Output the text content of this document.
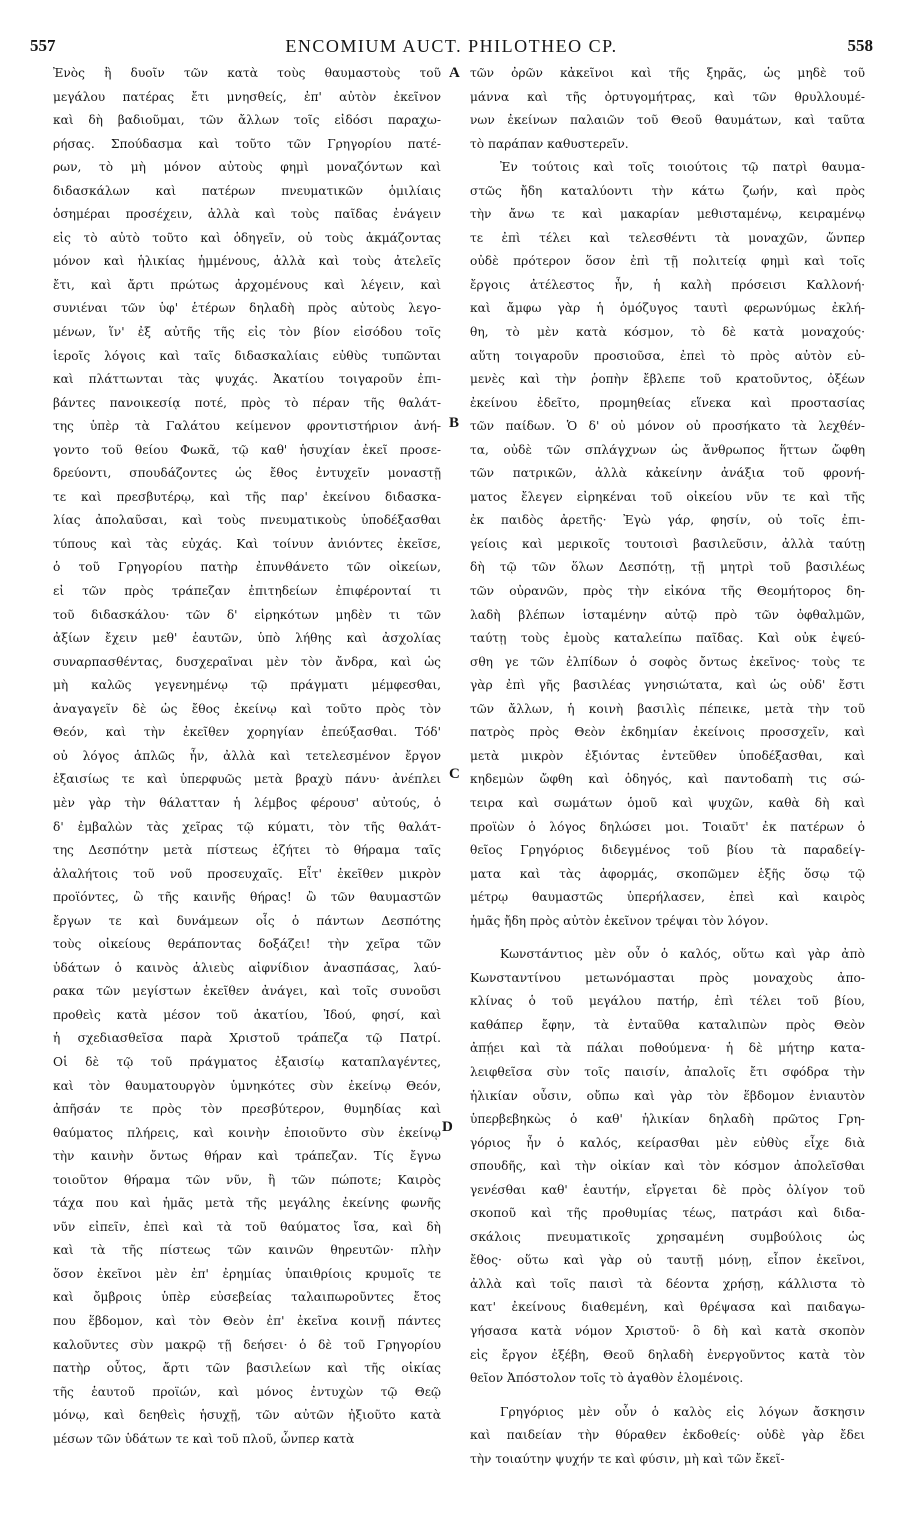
557	ENCOMIUM AUCT. PHILOTHEO CP.	558
A
B
C
D
Ἐνὸς ἢ δυοῖν τῶν κατὰ τοὺς θαυμαστοὺς τοῦ
μεγάλου πατέρας ἔτι μνησθείς, ἐπ' αὐτὸν ἐκεῖνον
καὶ δὴ βαδιοῦμαι, τῶν ἄλλων τοῖς εἰδόσι παραχω-
ρήσας. Σπούδασμα καὶ τοῦτο τῶν Γρηγορίου πατέ-
ρων, τὸ μὴ μόνον αὐτοὺς φημὶ μοναζόντων καὶ
διδασκάλων καὶ πατέρων πνευματικῶν ὁμιλίαις
ὁσημέραι προσέχειν, ἀλλὰ καὶ τοὺς παῖδας ἐνάγειν
εἰς τὸ αὐτὸ τοῦτο καὶ ὁδηγεῖν, οὐ τοὺς ἀκμάζοντας
μόνον καὶ ἡλικίας ἡμμένους, ἀλλὰ καὶ τοὺς ἀτελεῖς
ἔτι, καὶ ἄρτι πρώτως ἀρχομένους καὶ λέγειν, καὶ
συνιέναι τῶν ὑφ' ἑτέρων δηλαδὴ πρὸς αὐτοὺς λεγο-
μένων, ἵν' ἐξ αὐτῆς τῆς εἰς τὸν βίον εἰσόδου τοῖς
ἱεροῖς λόγοις καὶ ταῖς διδασκαλίαις εὐθὺς τυπῶνται
καὶ πλάττωνται τὰς ψυχάς. Ἀκατίου τοιγαροῦν ἐπι-
βάντες πανοικεσίᾳ ποτέ, πρὸς τὸ πέραν τῆς θαλάτ-
της ὑπὲρ τὰ Γαλάτου κείμενον φροντιστήριον ἀνή-
γοντο τοῦ θείου Φωκᾶ, τῷ καθ' ἡσυχίαν ἐκεῖ προσε-
δρεύοντι, σπουδάζοντες ὡς ἔθος ἐντυχεῖν μοναστῇ
τε καὶ πρεσβυτέρῳ, καὶ τῆς παρ' ἐκείνου διδασκα-
λίας ἀπολαῦσαι, καὶ τοὺς πνευματικοὺς ὑποδέξασθαι
τύπους καὶ τὰς εὐχάς. Καὶ τοίνυν ἀνιόντες ἐκεῖσε,
ὁ τοῦ Γρηγορίου πατὴρ ἐπυνθάνετο τῶν οἰκείων,
εἰ τῶν πρὸς τράπεζαν ἐπιτηδείων ἐπιφέρονταί τι
τοῦ διδασκάλου· τῶν δ' εἰρηκότων μηδὲν τι τῶν
ἀξίων ἔχειν μεθ' ἑαυτῶν, ὑπὸ λήθης καὶ ἀσχολίας
συναρπασθέντας, δυσχεραῖναι μὲν τὸν ἄνδρα, καὶ ὡς
μὴ καλῶς γεγενημένῳ τῷ πράγματι μέμφεσθαι,
ἀναγαγεῖν δὲ ὡς ἔθος ἐκείνῳ καὶ τοῦτο πρὸς τὸν
Θεόν, καὶ τὴν ἐκεῖθεν χορηγίαν ἐπεύξασθαι. Τόδ'
οὐ λόγος ἁπλῶς ἦν, ἀλλὰ καὶ τετελεσμένον ἔργον
ἐξαισίως τε καὶ ὑπερφυῶς μετὰ βραχὺ πάνυ· ἀνέπλει
μὲν γὰρ τὴν θάλατταν ἡ λέμβος φέρουσ' αὐτούς, ὁ
δ' ἐμβαλὼν τὰς χεῖρας τῷ κύματι, τὸν τῆς θαλάτ-
της Δεσπότην μετὰ πίστεως ἐζήτει τὸ θήραμα ταῖς
ἀλαλήτοις τοῦ νοῦ προσευχαῖς. Εἶτ' ἐκεῖθεν μικρὸν
προϊόντες, ὢ τῆς καινῆς θήρας! ὢ τῶν θαυμαστῶν
ἔργων τε καὶ δυνάμεων οἷς ὁ πάντων Δεσπότης
τοὺς οἰκείους θεράποντας δοξάζει! τὴν χεῖρα τῶν
ὑδάτων ὁ καινὸς ἁλιεὺς αἰφνίδιον ἀνασπάσας, λαύ-
ρακα τῶν μεγίστων ἐκεῖθεν ἀνάγει, καὶ τοῖς συνοῦσι
προθεὶς κατὰ μέσον τοῦ ἀκατίου, Ἰδού, φησί, καὶ
ἡ σχεδιασθεῖσα παρὰ Χριστοῦ τράπεζα τῷ Πατρί.
Οἱ δὲ τῷ τοῦ πράγματος ἐξαισίῳ καταπλαγέντες,
καὶ τὸν θαυματουργὸν ὑμνηκότες σὺν ἐκείνῳ Θεόν,
ἀπῆσάν τε πρὸς τὸν πρεσβύτερον, θυμηδίας καὶ
θαύματος πλήρεις, καὶ κοινὴν ἐποιοῦντο σὺν ἐκείνῳ
τὴν καινὴν ὄντως θήραν καὶ τράπεζαν. Τίς ἔγνω
τοιοῦτον θήραμα τῶν νῦν, ἢ τῶν πώποτε; Καιρὸς
τάχα που καὶ ἡμᾶς μετὰ τῆς μεγάλης ἐκείνης φωνῆς
νῦν εἰπεῖν, ἐπεὶ καὶ τὰ τοῦ θαύματος ἴσα, καὶ δὴ
καὶ τὰ τῆς πίστεως τῶν καινῶν θηρευτῶν· πλὴν
ὅσον ἐκεῖνοι μὲν ἐπ' ἐρημίας ὑπαιθρίοις κρυμοῖς τε
καὶ ὄμβροις ὑπὲρ εὐσεβείας ταλαιπωροῦντες ἔτος
που ἕβδομον, καὶ τὸν Θεὸν ἐπ' ἐκεῖνα κοινῇ πάντες
καλοῦντες σὺν μακρῷ τῇ δεήσει· ὁ δὲ τοῦ Γρηγορίου
πατὴρ οὗτος, ἄρτι τῶν βασιλείων καὶ τῆς οἰκίας
τῆς ἑαυτοῦ προϊών, καὶ μόνος ἐντυχὼν τῷ Θεῷ
μόνῳ, καὶ δεηθεὶς ἡσυχῇ, τῶν αὐτῶν ἠξιοῦτο κατὰ
μέσων τῶν ὑδάτων τε καὶ τοῦ πλοῦ, ὧνπερ κατὰ
τῶν ὀρῶν κἀκεῖνοι καὶ τῆς ξηρᾶς, ὡς μηδὲ τοῦ
μάννα καὶ τῆς ὀρτυγομήτρας, καὶ τῶν θρυλλουμέ-
νων ἐκείνων παλαιῶν τοῦ Θεοῦ θαυμάτων, καὶ ταῦτα
τὸ παράπαν καθυστερεῖν.
Ἐν τούτοις καὶ τοῖς τοιούτοις τῷ πατρὶ θαυμα-
στῶς ἤδη καταλύοντι τὴν κάτω ζωήν, καὶ πρὸς
τὴν ἄνω τε καὶ μακαρίαν μεθισταμένῳ, κειραμένῳ
τε ἐπὶ τέλει καὶ τελεσθέντι τὰ μοναχῶν, ὥνπερ
οὐδὲ πρότερον ὅσον ἐπὶ τῇ πολιτείᾳ φημὶ καὶ τοῖς
ἔργοις ἀτέλεστος ἦν, ἡ καλὴ πρόσεισι Καλλονή·
καὶ ἄμφω γὰρ ἡ ὁμόζυγος ταυτὶ φερωνύμως ἐκλή-
θη, τὸ μὲν κατὰ κόσμον, τὸ δὲ κατὰ μοναχούς·
αὕτη τοιγαροῦν προσιοῦσα, ἐπεὶ τὸ πρὸς αὐτὸν εὐ-
μενὲς καὶ τὴν ῥοπὴν ἔβλεπε τοῦ κρατοῦντος, ὀξέων
ἐκείνου ἐδεῖτο, προμηθείας εἵνεκα καὶ προστασίας
τῶν παίδων. Ὁ δ' οὐ μόνον οὐ προσήκατο τὰ λεχθέν-
τα, οὐδὲ τῶν σπλάγχνων ὡς ἄνθρωπος ἥττων ὤφθη
τῶν πατρικῶν, ἀλλὰ κἀκείνην ἀνάξια τοῦ φρονή-
ματος ἔλεγεν εἰρηκέναι τοῦ οἰκείου νῦν τε καὶ τῆς
ἐκ παιδὸς ἀρετῆς· Ἐγὼ γάρ, φησίν, οὐ τοῖς ἐπι-
γείοις καὶ μερικοῖς τουτοισὶ βασιλεῦσιν, ἀλλὰ ταύτῃ
δὴ τῷ τῶν ὅλων Δεσπότῃ, τῇ μητρὶ τοῦ βασιλέως
τῶν οὐρανῶν, πρὸς τὴν εἰκόνα τῆς Θεομήτορος δη-
λαδὴ βλέπων ἱσταμένην αὐτῷ πρὸ τῶν ὀφθαλμῶν,
ταύτῃ τοὺς ἐμοὺς καταλείπω παῖδας. Καὶ οὐκ ἐψεύ-
σθη γε τῶν ἐλπίδων ὁ σοφὸς ὄντως ἐκεῖνος· τοὺς τε
γὰρ ἐπὶ γῆς βασιλέας γνησιώτατα, καὶ ὡς οὐδ' ἔστι
τῶν ἄλλων, ἡ κοινὴ βασιλὶς πέπεικε, μετὰ τὴν τοῦ
πατρὸς πρὸς Θεὸν ἐκδημίαν ἐκείνοις προσσχεῖν, καὶ
μετὰ μικρὸν ἐξιόντας ἐντεῦθεν ὑποδέξασθαι, καὶ
κηδεμὼν ὤφθη καὶ ὁδηγός, καὶ παντοδαπὴ τις σώ-
τειρα καὶ σωμάτων ὁμοῦ καὶ ψυχῶν, καθὰ δὴ καὶ
προϊὼν ὁ λόγος δηλώσει μοι. Τοιαῦτ' ἐκ πατέρων ὁ
θεῖος Γρηγόριος διδεγμένος τοῦ βίου τὰ παραδείγ-
ματα καὶ τὰς ἀφορμάς, σκοπῶμεν ἑξῆς ὅσῳ τῷ
μέτρῳ θαυμαστῶς ὑπερήλασεν, ἐπεὶ καὶ καιρὸς
ἡμᾶς ἤδη πρὸς αὐτὸν ἐκεῖνον τρέψαι τὸν λόγον.
Κωνστάντιος μὲν οὖν ὁ καλός, οὕτω καὶ γὰρ ἀπὸ
Κωνσταντίνου μετωνόμασται πρὸς μοναχοὺς ἀπο-
κλίνας ὁ τοῦ μεγάλου πατήρ, ἐπὶ τέλει τοῦ βίου,
καθάπερ ἔφην, τὰ ἐνταῦθα καταλιπὼν πρὸς Θεὸν
ἀπῄει καὶ τὰ πάλαι ποθούμενα· ἡ δὲ μήτηρ κατα-
λειφθεῖσα σὺν τοῖς παισίν, ἀπαλοῖς ἔτι σφόδρα τὴν
ἡλικίαν οὖσιν, οὔπω καὶ γὰρ τὸν ἕβδομον ἐνιαυτὸν
ὑπερβεβηκὼς ὁ καθ' ἡλικίαν δηλαδὴ πρῶτος Γρη-
γόριος ἦν ὁ καλός, κείρασθαι μὲν εὐθὺς εἶχε διὰ
σπουδῆς, καὶ τὴν οἰκίαν καὶ τὸν κόσμον ἀπολεῖσθαι
γενέσθαι καθ' ἑαυτήν, εἴργεται δὲ πρὸς ὀλίγον τοῦ
σκοποῦ καὶ τῆς προθυμίας τέως, πατράσι καὶ διδα-
σκάλοις πνευματικοῖς χρησαμένη συμβούλοις ὡς
ἔθος· οὕτω καὶ γὰρ οὐ ταυτῇ μόνῃ, εἶπον ἐκεῖνοι,
ἀλλὰ καὶ τοῖς παισὶ τὰ δέοντα χρήσῃ, κάλλιστα τὸ
κατ' ἐκείνους διαθεμένη, καὶ θρέψασα καὶ παιδαγω-
γήσασα κατὰ νόμον Χριστοῦ· ὃ δὴ καὶ κατὰ σκοπὸν
εἰς ἔργον ἐξέβη, Θεοῦ δηλαδὴ ἐνεργοῦντος κατὰ τὸν
θεῖον Ἀπόστολον τοῖς τὸ ἀγαθὸν ἑλομένοις.
Γρηγόριος μὲν οὖν ὁ καλὸς εἰς λόγων ἄσκησιν
καὶ παιδείαν τὴν θύραθεν ἐκδοθείς· οὐδὲ γὰρ ἔδει
τὴν τοιαύτην ψυχήν τε καὶ φύσιν, μὴ καὶ τῶν ἔκεῖ-
